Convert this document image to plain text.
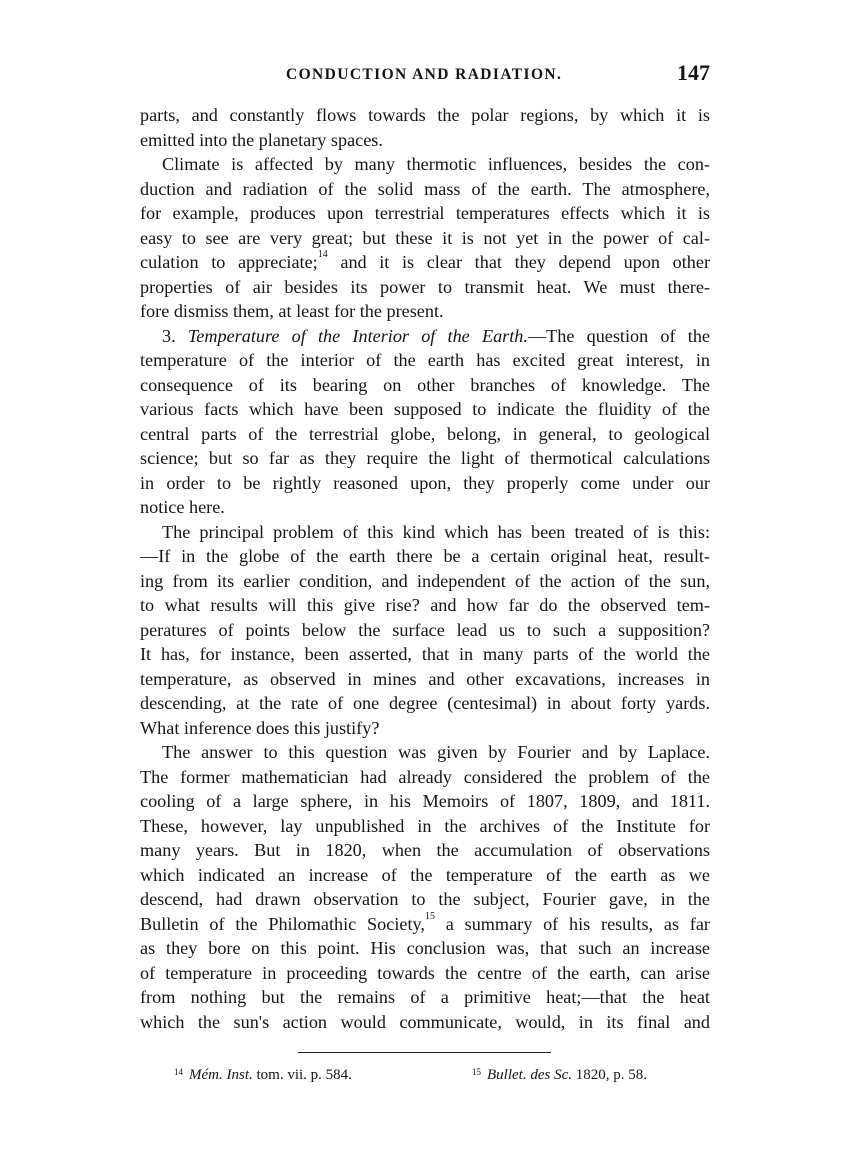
CONDUCTION AND RADIATION.	147
parts, and constantly flows towards the polar regions, by which it is
emitted into the planetary spaces.
Climate is affected by many thermotic influences, besides the con-
duction and radiation of the solid mass of the earth. The atmosphere,
for example, produces upon terrestrial temperatures effects which it is
easy to see are very great; but these it is not yet in the power of cal-
culation to appreciate;$^{14}$ and it is clear that they depend upon other
properties of air besides its power to transmit heat. We must there-
fore dismiss them, at least for the present.
3. Temperature of the Interior of the Earth.—The question of the
temperature of the interior of the earth has excited great interest, in
consequence of its bearing on other branches of knowledge. The
various facts which have been supposed to indicate the fluidity of the
central parts of the terrestrial globe, belong, in general, to geological
science; but so far as they require the light of thermotical calculations
in order to be rightly reasoned upon, they properly come under our
notice here.
The principal problem of this kind which has been treated of is this:
—If in the globe of the earth there be a certain original heat, result-
ing from its earlier condition, and independent of the action of the sun,
to what results will this give rise? and how far do the observed tem-
peratures of points below the surface lead us to such a supposition?
It has, for instance, been asserted, that in many parts of the world the
temperature, as observed in mines and other excavations, increases in
descending, at the rate of one degree (centesimal) in about forty yards.
What inference does this justify?
The answer to this question was given by Fourier and by Laplace.
The former mathematician had already considered the problem of the
cooling of a large sphere, in his Memoirs of 1807, 1809, and 1811.
These, however, lay unpublished in the archives of the Institute for
many years. But in 1820, when the accumulation of observations
which indicated an increase of the temperature of the earth as we
descend, had drawn observation to the subject, Fourier gave, in the
Bulletin of the Philomathic Society,$^{15}$ a summary of his results, as far
as they bore on this point. His conclusion was, that such an increase
of temperature in proceeding towards the centre of the earth, can arise
from nothing but the remains of a primitive heat;—that the heat
which the sun's action would communicate, would, in its final and
$^{14}$ Mém. Inst. tom. vii. p. 584.	$^{15}$ Bullet. des Sc. 1820, p. 58.
